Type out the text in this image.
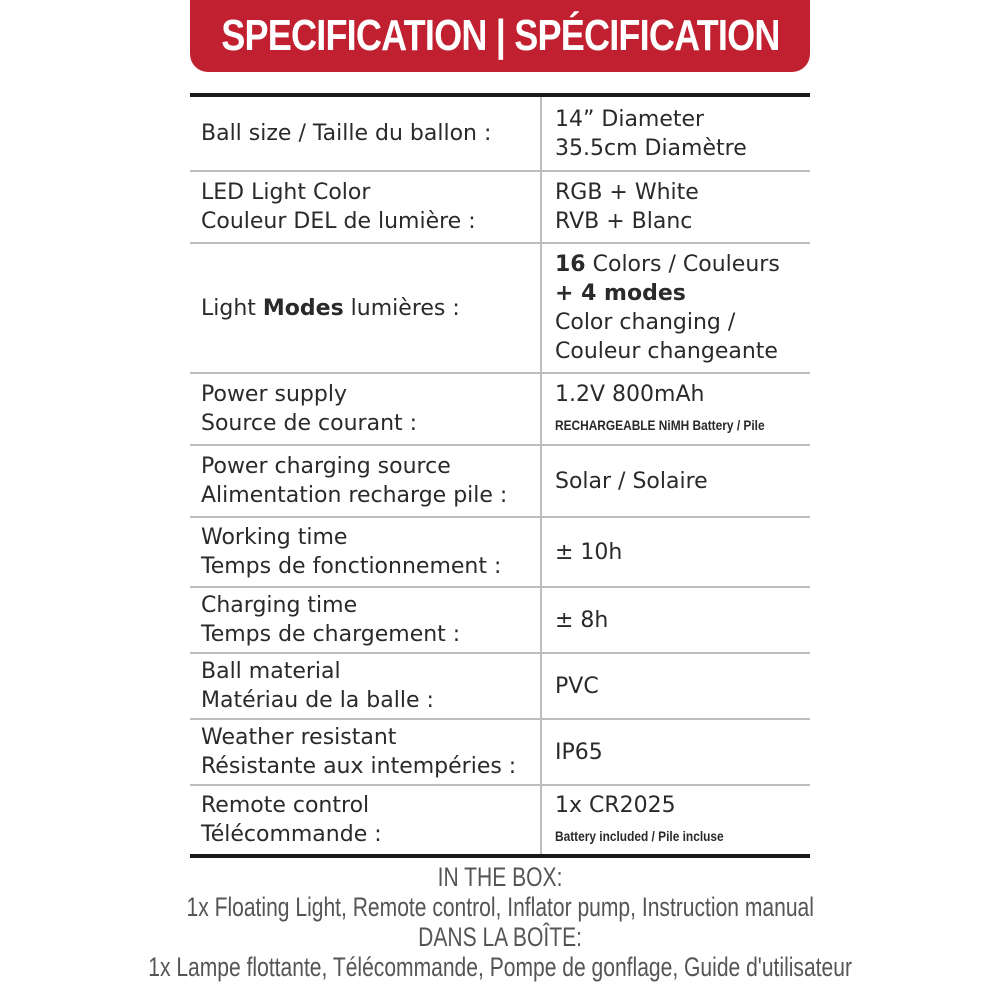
SPECIFICATION | SPÉCIFICATION
Ball size / Taille du ballon :
14” Diameter
35.5cm Diamètre
LED Light Color
Couleur DEL de lumière :
RGB + White
RVB + Blanc
Light Modes lumières :
16 Colors / Couleurs
+ 4 modes
Color changing /
Couleur changeante
Power supply
Source de courant :
1.2V 800mAh
RECHARGEABLE NiMH Battery / Pile
Power charging source
Alimentation recharge pile :
Solar / Solaire
Working time
Temps de fonctionnement :
± 10h
Charging time
Temps de chargement :
± 8h
Ball material
Matériau de la balle :
PVC
Weather resistant
Résistante aux intempéries :
IP65
Remote control
Télécommande :
1x CR2025
Battery included / Pile incluse
IN THE BOX:
1x Floating Light, Remote control, Inflator pump, Instruction manual
DANS LA BOÎTE:
1x Lampe flottante, Télécommande, Pompe de gonflage, Guide d'utilisateur
